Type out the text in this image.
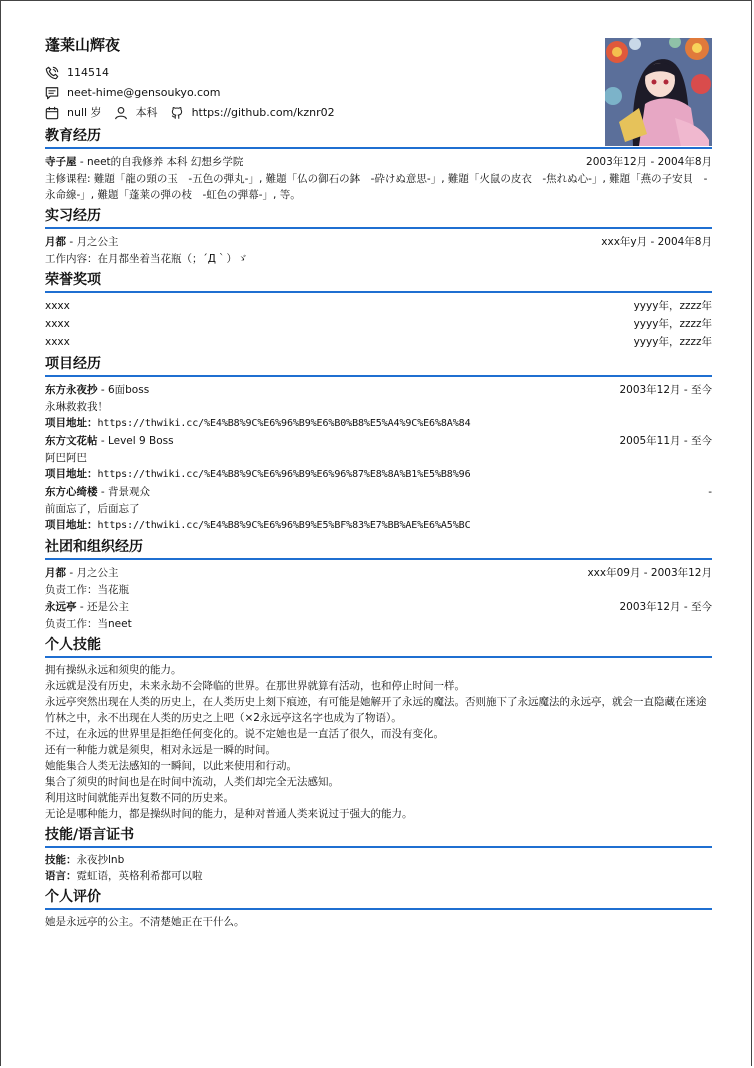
蓬莱山辉夜
114514
neet-hime@gensoukyo.com
null 岁	本科	https://github.com/kznr02
教育经历
寺子屋 - neet的自我修养 本科 幻想乡学院	2003年12月 - 2004年8月
主修课程: 難題「龍の頸の玉　-五色の弾丸-」, 難題「仏の御石の鉢　-砕けぬ意思-」, 難題「火鼠の皮衣　-焦れぬ心-」, 難題「燕の子安貝　-永命線-」, 難題「蓬莱の弾の枝　-虹色の弾幕-」, 等。
实习经历
月都 - 月之公主	xxx年y月 - 2004年8月
工作内容：在月都坐着当花瓶（；´Д｀）ゞ
荣誉奖项
xxxx	yyyy年，zzzz年
xxxx	yyyy年，zzzz年
xxxx	yyyy年，zzzz年
项目经历
东方永夜抄 - 6面boss	2003年12月 - 至今
永琳救救我！
项目地址：https://thwiki.cc/%E4%B8%9C%E6%96%B9%E6%B0%B8%E5%A4%9C%E6%8A%84
东方文花帖 - Level 9 Boss	2005年11月 - 至今
阿巴阿巴
项目地址：https://thwiki.cc/%E4%B8%9C%E6%96%B9%E6%96%87%E8%8A%B1%E5%B8%96
东方心绮楼 - 背景观众	-
前面忘了，后面忘了
项目地址：https://thwiki.cc/%E4%B8%9C%E6%96%B9%E5%BF%83%E7%BB%AE%E6%A5%BC
社团和组织经历
月都 - 月之公主	xxx年09月 - 2003年12月
负责工作：当花瓶
永远亭 - 还是公主	2003年12月 - 至今
负责工作：当neet
个人技能

拥有操纵永远和须臾的能力。

永远就是没有历史，未来永劫不会降临的世界。在那世界就算有活动，也和停止时间一样。

永远亭突然出现在人类的历史上，在人类历史上刻下痕迹，有可能是她解开了永远的魔法。否则施下了永远魔法的永远亭，就会一直隐藏在迷途竹林之中，永不出现在人类的历史之上吧（×2永远亭这名字也成为了物语）。

不过，在永远的世界里是拒绝任何变化的。说不定她也是一直活了很久，而没有变化。

还有一种能力就是须臾，相对永远是一瞬的时间。

她能集合人类无法感知的一瞬间，以此来使用和行动。

集合了须臾的时间也是在时间中流动，人类们却完全无法感知。

利用这时间就能弄出复数不同的历史来。

无论是哪种能力，都是操纵时间的能力，是种对普通人类来说过于强大的能力。

技能/语言证书
技能：永夜抄lnb
语言：霓虹语，英格利希都可以啦
个人评价
她是永远亭的公主。不清楚她正在干什么。
